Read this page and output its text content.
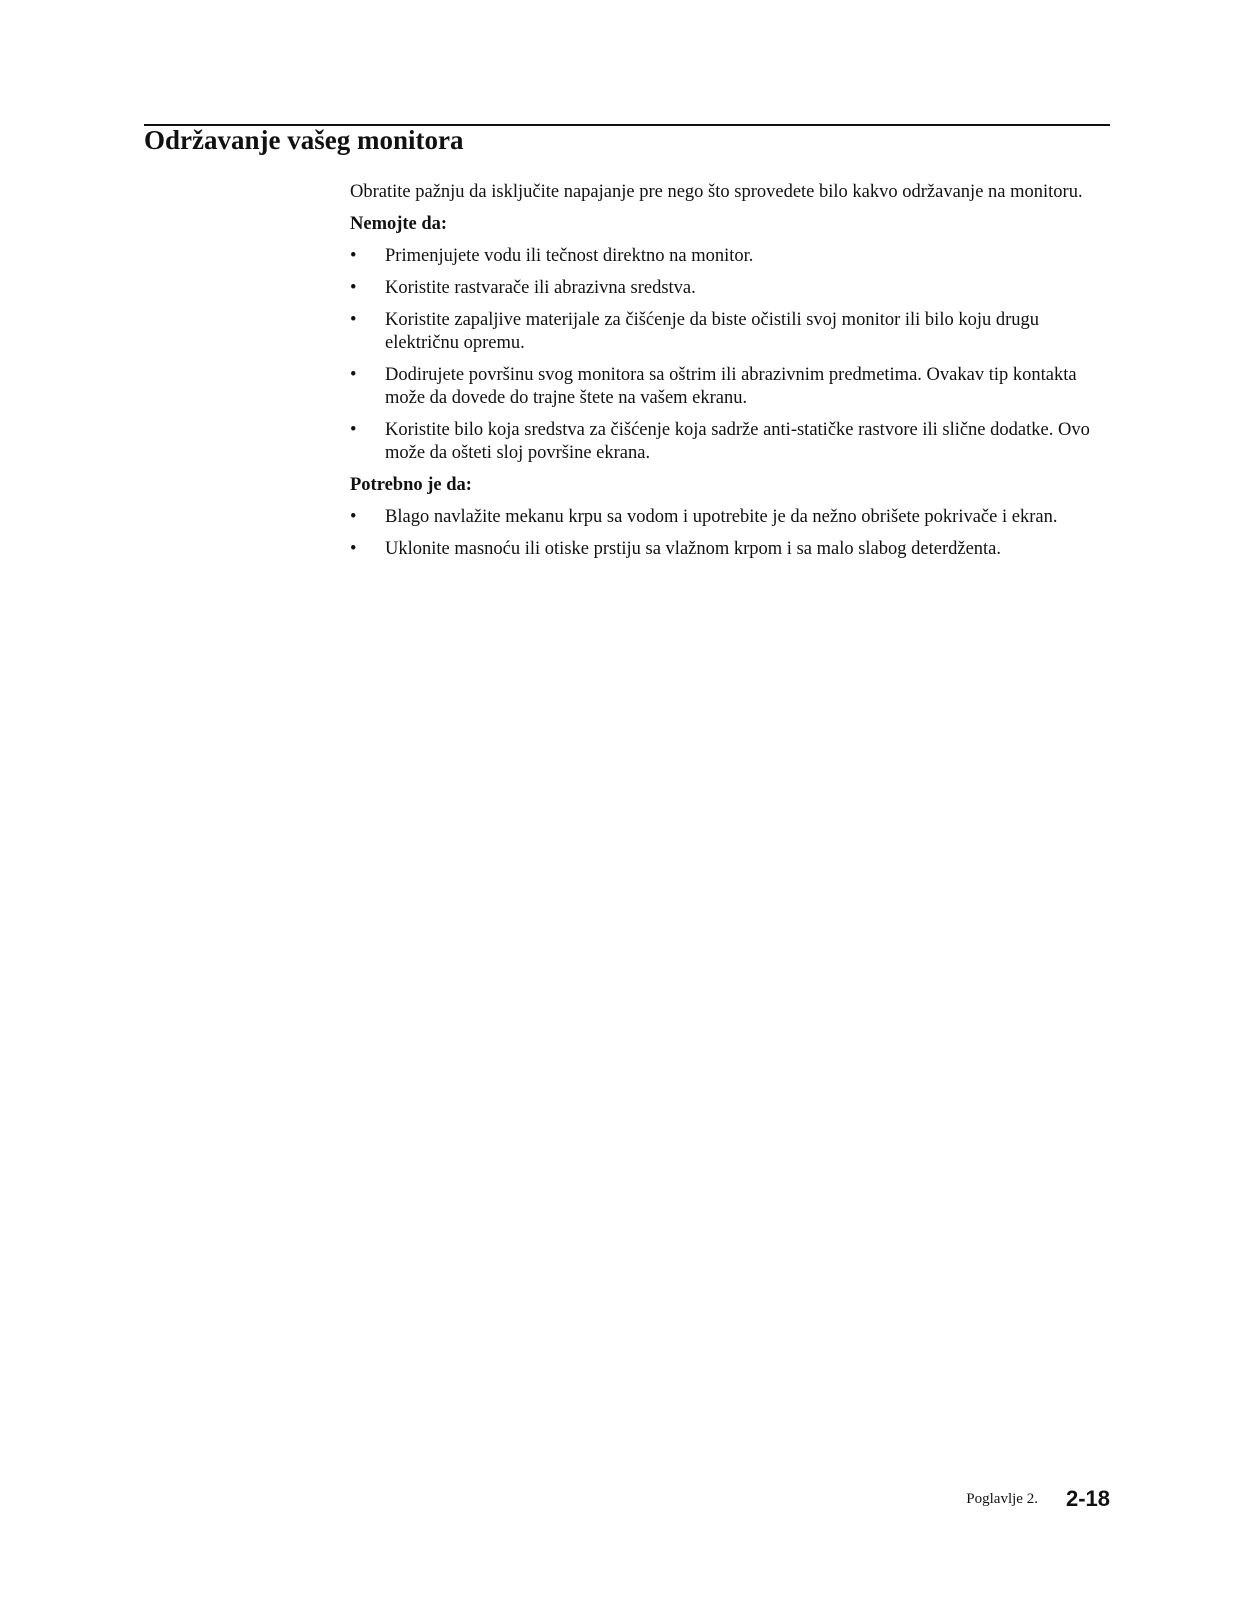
Održavanje vašeg monitora

Obratite pažnju da isključite napajanje pre nego što sprovedete bilo kakvo održavanje na monitoru.

Nemojte da:

• Primenjujete vodu ili tečnost direktno na monitor.
• Koristite rastvarače ili abrazivna sredstva.
• Koristite zapaljive materijale za čišćenje da biste očistili svoj monitor ili bilo koju drugu električnu opremu.
• Dodirujete površinu svog monitora sa oštrim ili abrazivnim predmetima. Ovakav tip kontakta može da dovede do trajne štete na vašem ekranu.
• Koristite bilo koja sredstva za čišćenje koja sadrže anti-statičke rastvore ili slične dodatke. Ovo može da ošteti sloj površine ekrana.

Potrebno je da:

• Blago navlažite mekanu krpu sa vodom i upotrebite je da nežno obrišete pokrivače i ekran.
• Uklonite masnoću ili otiske prstiju sa vlažnom krpom i sa malo slabog deterdženta.
Poglavlje 2. 2-18
